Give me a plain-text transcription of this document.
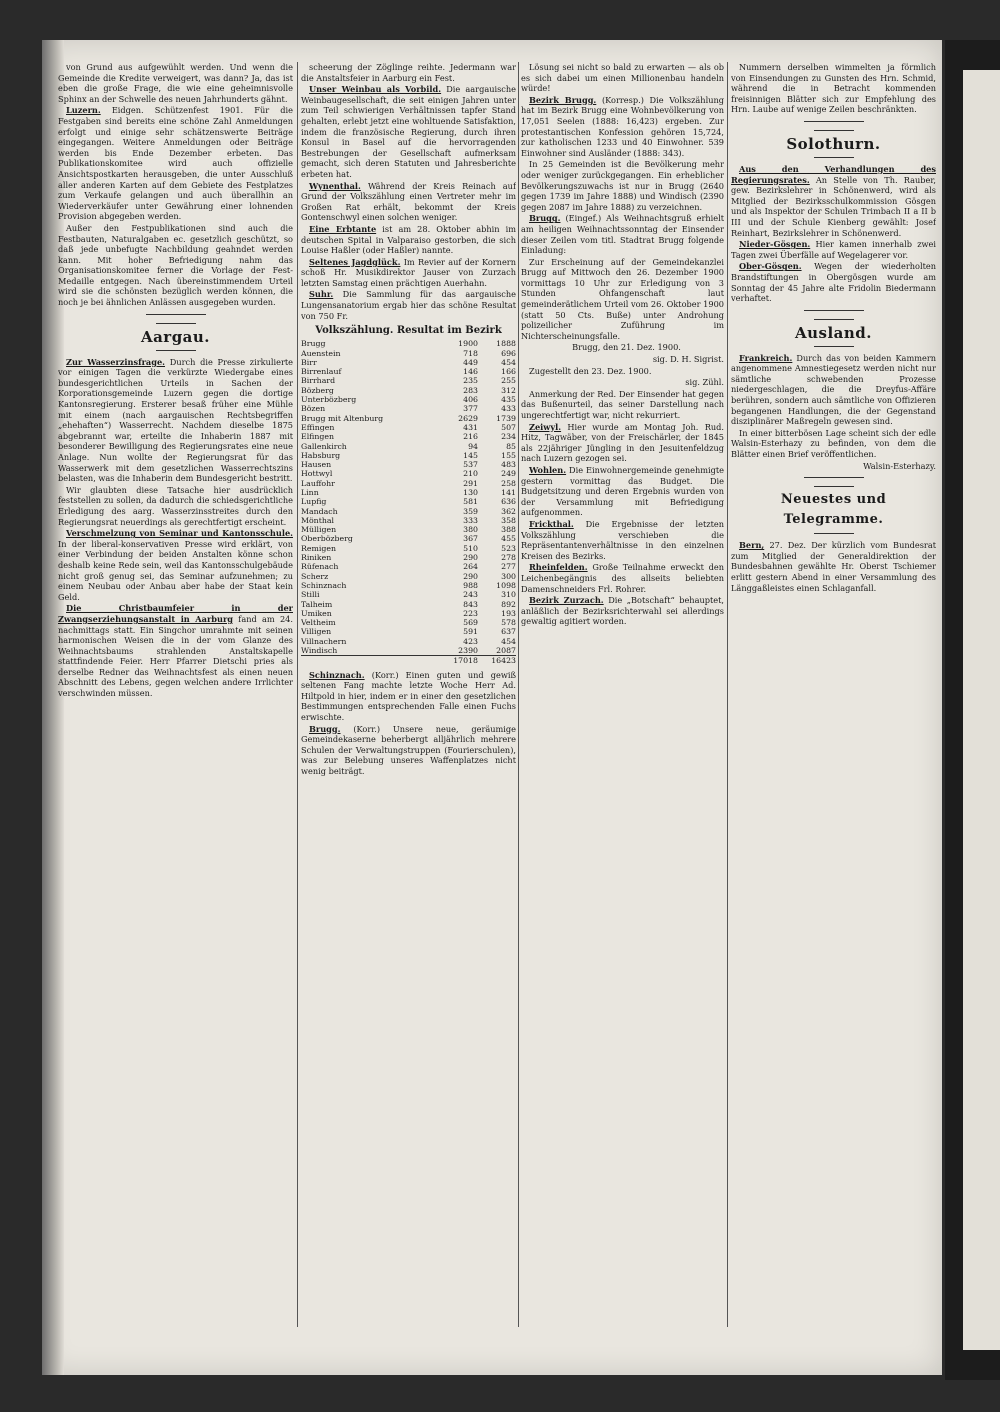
von Grund aus aufgewühlt werden. Und wenn die Gemeinde die Kredite verweigert, was dann? Ja, das ist eben die große Frage, die wie eine geheimnisvolle Sphinx an der Schwelle des neuen Jahrhunderts gähnt.

Luzern. Eidgen. Schützenfest 1901. Für die Festgaben sind bereits eine schöne Zahl Anmeldungen erfolgt und einige sehr schätzenswerte Beiträge eingegangen. Weitere Anmeldungen oder Beiträge werden bis Ende Dezember erbeten. Das Publikationskomitee wird auch offizielle Ansichtspostkarten herausgeben, die unter Ausschluß aller anderen Karten auf dem Gebiete des Festplatzes zum Verkaufe gelangen und auch überallhin an Wiederverkäufer unter Gewährung einer lohnenden Provision abgegeben werden.

Außer den Festpublikationen sind auch die Festbauten, Naturalgaben ec. gesetzlich geschützt, so daß jede unbefugte Nachbildung geahndet werden kann. Mit hoher Befriedigung nahm das Organisationskomitee ferner die Vorlage der Fest-Medaille entgegen. Nach übereinstimmendem Urteil wird sie die schönsten bezüglich werden können, die noch je bei ähnlichen Anlässen ausgegeben wurden.

Aargau.

Zur Wasserzinsfrage. Durch die Presse zirkulierte vor einigen Tagen die verkürzte Wiedergabe eines bundesgerichtlichen Urteils in Sachen der Korporationsgemeinde Luzern gegen die dortige Kantonsregierung. Ersterer besaß früher eine Mühle mit einem (nach aargauischen Rechtsbegriffen „ehehaften“) Wasserrecht. Nachdem dieselbe 1875 abgebrannt war, erteilte die Inhaberin 1887 mit besonderer Bewilligung des Regierungsrates eine neue Anlage. Nun wollte der Regierungsrat für das Wasserwerk mit dem gesetzlichen Wasserrechtszins belasten, was die Inhaberin dem Bundesgericht bestritt.

Wir glaubten diese Tatsache hier ausdrücklich feststellen zu sollen, da dadurch die schiedsgerichtliche Erledigung des aarg. Wasserzinsstreites durch den Regierungsrat neuerdings als gerechtfertigt erscheint.

Verschmelzung von Seminar und Kantonsschule. In der liberal-konservativen Presse wird erklärt, von einer Verbindung der beiden Anstalten könne schon deshalb keine Rede sein, weil das Kantonsschulgebäude nicht groß genug sei, das Seminar aufzunehmen; zu einem Neubau oder Anbau aber habe der Staat kein Geld.

Die Christbaumfeier in der Zwangserziehungsanstalt in Aarburg fand am 24. nachmittags statt. Ein Singchor umrahmte mit seinen harmonischen Weisen die in der vom Glanze des Weihnachtsbaums strahlenden Anstaltskapelle stattfindende Feier. Herr Pfarrer Dietschi pries als derselbe Redner das Weihnachtsfest als einen neuen Abschnitt des Lebens, gegen welchen andere Irrlichter verschwinden müssen.

scheerung der Zöglinge reihte. Jedermann war die Anstaltsfeier in Aarburg ein Fest.

Unser Weinbau als Vorbild. Die aargauische Weinbaugesellschaft, die seit einigen Jahren unter zum Teil schwierigen Verhältnissen tapfer Stand gehalten, erlebt jetzt eine wohltuende Satisfaktion, indem die französische Regierung, durch ihren Konsul in Basel auf die hervorragenden Bestrebungen der Gesellschaft aufmerksam gemacht, sich deren Statuten und Jahresberichte erbeten hat.

Wynenthal. Während der Kreis Reinach auf Grund der Volkszählung einen Vertreter mehr im Großen Rat erhält, bekommt der Kreis Gontenschwyl einen solchen weniger.

Eine Erbtante ist am 28. Oktober abhin im deutschen Spital in Valparaiso gestorben, die sich Louise Haßler (oder Haßler) nannte.

Seltenes Jagdglück. Im Revier auf der Kornern schoß Hr. Musikdirektor Jauser von Zurzach letzten Samstag einen prächtigen Auerhahn.

Suhr. Die Sammlung für das aargauische Lungensanatorium ergab hier das schöne Resultat von 750 Fr.

Volkszählung. Resultat im Bezirk
Brugg	1900	1888
Auenstein	718	696
Birr	449	454
Birrenlauf	146	166
Birrhard	235	255
Bözberg	283	312
Unterbözberg	406	435
Bözen	377	433
Brugg mit Altenburg	2629	1739
Effingen	431	507
Elfingen	216	234
Gallenkirch	94	85
Habsburg	145	155
Hausen	537	483
Hottwyl	210	249
Lauffohr	291	258
Linn	130	141
Lupfig	581	636
Mandach	359	362
Mönthal	333	358
Mülligen	380	388
Oberbözberg	367	455
Remigen	510	523
Riniken	290	278
Rüfenach	264	277
Scherz	290	300
Schinznach	988	1098
Stilli	243	310
Talheim	843	892
Umiken	223	193
Veltheim	569	578
Villigen	591	637
Villnachern	423	454
Windisch	2390	2087
	17018	16423

Schinznach. (Korr.) Einen guten und gewiß seltenen Fang machte letzte Woche Herr Ad. Hiltpold in hier, indem er in einer den gesetzlichen Bestimmungen entsprechenden Falle einen Fuchs erwischte.

Brugg. (Korr.) Unsere neue, geräumige Gemeindekaserne beherbergt alljährlich mehrere Schulen der Verwaltungstruppen (Fourierschulen), was zur Belebung unseres Waffenplatzes nicht wenig beiträgt.

Lösung sei nicht so bald zu erwarten — als ob es sich dabei um einen Millionenbau handeln würde!

Bezirk Brugg. (Korresp.) Die Volkszählung hat im Bezirk Brugg eine Wohnbevölkerung von 17,051 Seelen (1888: 16,423) ergeben. Zur protestantischen Konfession gehören 15,724, zur katholischen 1233 und 40 Einwohner. 539 Einwohner sind Ausländer (1888: 343).

In 25 Gemeinden ist die Bevölkerung mehr oder weniger zurückgegangen. Ein erheblicher Bevölkerungszuwachs ist nur in Brugg (2640 gegen 1739 im Jahre 1888) und Windisch (2390 gegen 2087 im Jahre 1888) zu verzeichnen.

Brugg. (Eingef.) Als Weihnachtsgruß erhielt am heiligen Weihnachtssonntag der Einsender dieser Zeilen vom titl. Stadtrat Brugg folgende Einladung:

Zur Erscheinung auf der Gemeindekanzlei Brugg auf Mittwoch den 26. Dezember 1900 vormittags 10 Uhr zur Erledigung von 3 Stunden Ohfangenschaft laut gemeinderätlichem Urteil vom 26. Oktober 1900 (statt 50 Cts. Buße) unter Androhung polizeilicher Zuführung im Nichterscheinungsfalle.

Brugg, den 21. Dez. 1900.

sig. D. H. Sigrist.

Zugestellt den 23. Dez. 1900.

sig. Zühl.

Anmerkung der Red. Der Einsender hat gegen das Bußenurteil, das seiner Darstellung nach ungerechtfertigt war, nicht rekurriert.

Zeiwyl. Hier wurde am Montag Joh. Rud. Hitz, Tagwäber, von der Freischärler, der 1845 als 22jähriger Jüngling in den Jesuitenfeldzug nach Luzern gezogen sei.

Wohlen. Die Einwohnergemeinde genehmigte gestern vormittag das Budget. Die Budgetsitzung und deren Ergebnis wurden von der Versammlung mit Befriedigung aufgenommen.

Frickthal. Die Ergebnisse der letzten Volkszählung verschieben die Repräsentantenverhältnisse in den einzelnen Kreisen des Bezirks.

Rheinfelden. Große Teilnahme erweckt den Leichenbegängnis des allseits beliebten Damenschneiders Frl. Rohrer.

Bezirk Zurzach. Die „Botschaft“ behauptet, anläßlich der Bezirksrichterwahl sei allerdings gewaltig agitiert worden.

Nummern derselben wimmelten ja förmlich von Einsendungen zu Gunsten des Hrn. Schmid, während die in Betracht kommenden freisinnigen Blätter sich zur Empfehlung des Hrn. Laube auf wenige Zeilen beschränkten.

Solothurn.

Aus den Verhandlungen des Regierungsrates. An Stelle von Th. Rauber, gew. Bezirkslehrer in Schönenwerd, wird als Mitglied der Bezirksschulkommission Gösgen und als Inspektor der Schulen Trimbach II a II b III und der Schule Kienberg gewählt: Josef Reinhart, Bezirkslehrer in Schönenwerd.

Nieder-Gösgen. Hier kamen innerhalb zwei Tagen zwei Überfälle auf Wegelagerer vor.

Ober-Gösgen. Wegen der wiederholten Brandstiftungen in Obergösgen wurde am Sonntag der 45 Jahre alte Fridolin Biedermann verhaftet.

Ausland.

Frankreich. Durch das von beiden Kammern angenommene Amnestiegesetz werden nicht nur sämtliche schwebenden Prozesse niedergeschlagen, die die Dreyfus-Affäre berühren, sondern auch sämtliche von Offizieren begangenen Handlungen, die der Gegenstand disziplinärer Maßregeln gewesen sind.

In einer bitterbösen Lage scheint sich der edle Walsin-Esterhazy zu befinden, von dem die Blätter einen Brief veröffentlichen.

Walsin-Esterhazy.

Neuestes und Telegramme.

Bern, 27. Dez. Der kürzlich vom Bundesrat zum Mitglied der Generaldirektion der Bundesbahnen gewählte Hr. Oberst Tschiemer erlitt gestern Abend in einer Versammlung des Länggaßleistes einen Schlaganfall.
